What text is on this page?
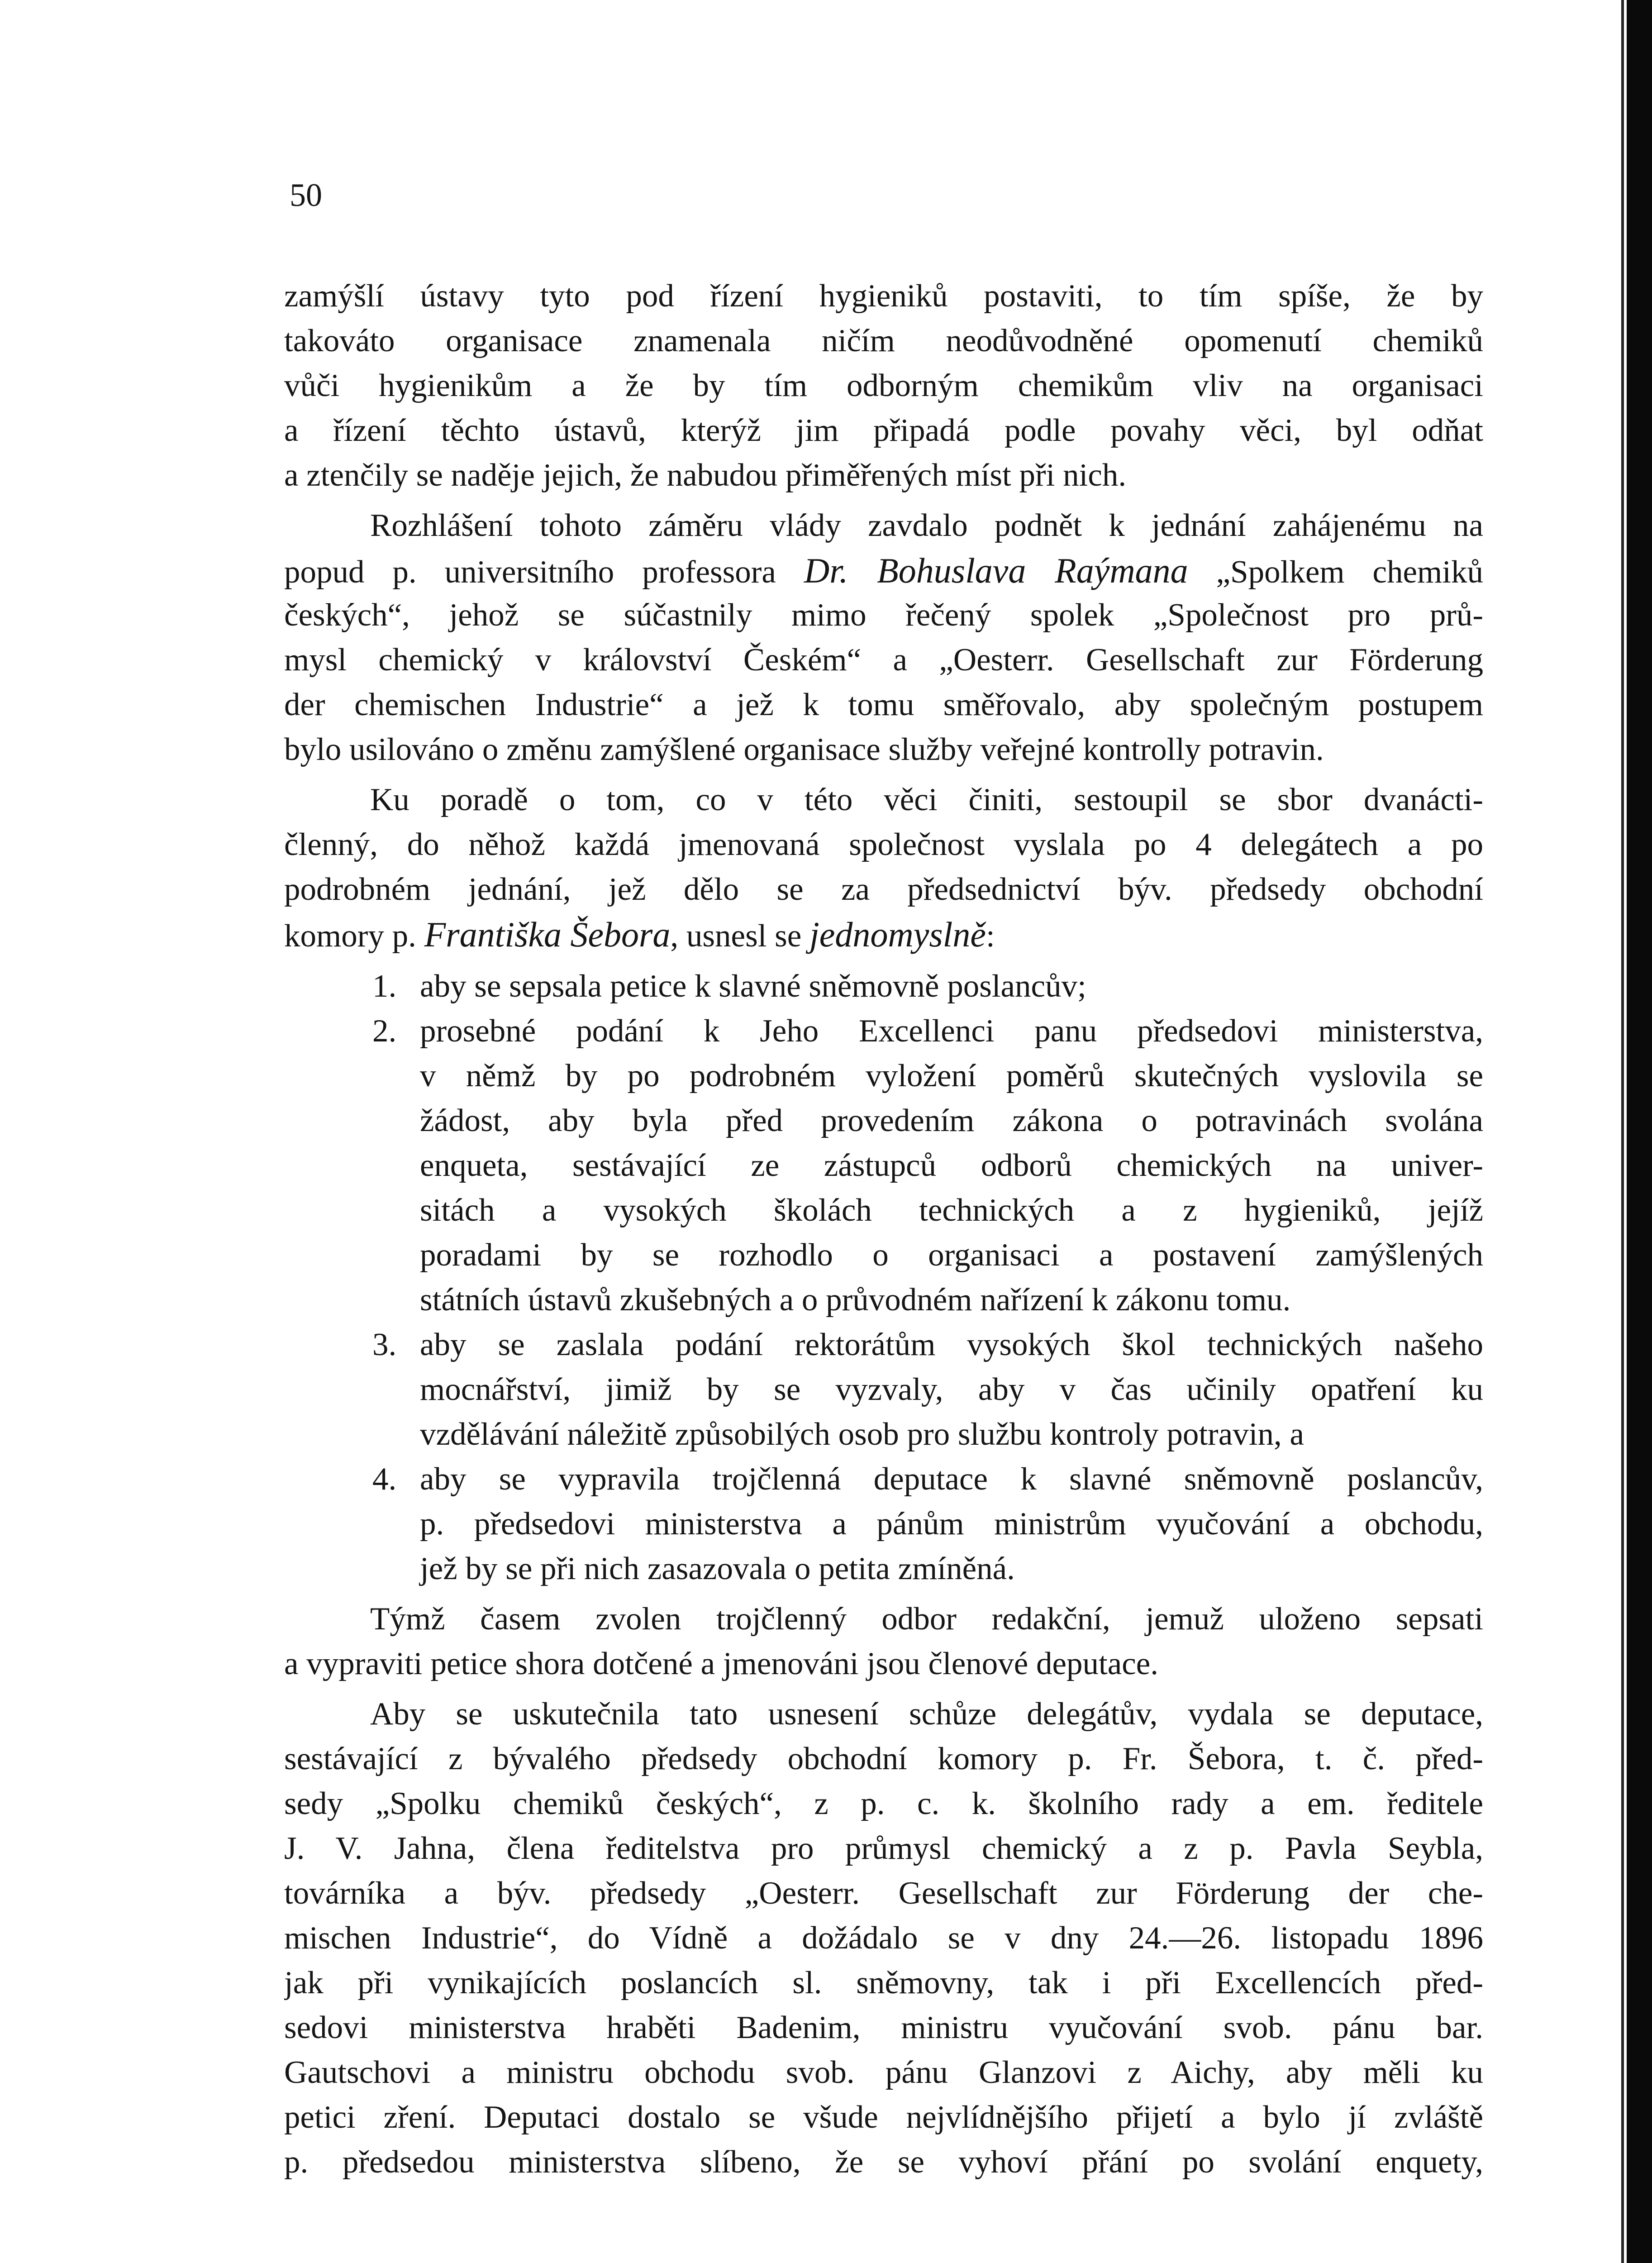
50
zamýšlí ústavy tyto pod řízení hygieniků postaviti, to tím spíše, že by
takováto organisace znamenala ničím neodůvodněné opomenutí chemiků
vůči hygienikům a že by tím odborným chemikům vliv na organisaci
a řízení těchto ústavů, kterýž jim připadá podle povahy věci, byl odňat
a ztenčily se naděje jejich, že nabudou přiměřených míst při nich.
Rozhlášení tohoto záměru vlády zavdalo podnět k jednání zahájenému na
popud p. universitního professora Dr. Bohuslava Raýmana „Spolkem chemiků
českých“, jehož se súčastnily mimo řečený spolek „Společnost pro prů-
mysl chemický v království Českém“ a „Oesterr. Gesellschaft zur Förderung
der chemischen Industrie“ a jež k tomu směřovalo, aby společným postupem
bylo usilováno o změnu zamýšlené organisace služby veřejné kontrolly potravin.
Ku poradě o tom, co v této věci činiti, sestoupil se sbor dvanácti-
členný, do něhož každá jmenovaná společnost vyslala po 4 delegátech a po
podrobném jednání, jež dělo se za předsednictví býv. předsedy obchodní
komory p. Františka Šebora, usnesl se jednomyslně:
1. aby se sepsala petice k slavné sněmovně poslancův;
2. prosebné podání k Jeho Excellenci panu předsedovi ministerstva,
v němž by po podrobném vyložení poměrů skutečných vyslovila se
žádost, aby byla před provedením zákona o potravinách svolána
enqueta, sestávající ze zástupců odborů chemických na univer-
sitách a vysokých školách technických a z hygieniků, jejíž
poradami by se rozhodlo o organisaci a postavení zamýšlených
státních ústavů zkušebných a o průvodném nařízení k zákonu tomu.
3. aby se zaslala podání rektorátům vysokých škol technických našeho
mocnářství, jimiž by se vyzvaly, aby v čas učinily opatření ku
vzdělávání náležitě způsobilých osob pro službu kontroly potravin, a
4. aby se vypravila trojčlenná deputace k slavné sněmovně poslancův,
p. předsedovi ministerstva a pánům ministrům vyučování a obchodu,
jež by se při nich zasazovala o petita zmíněná.
Týmž časem zvolen trojčlenný odbor redakční, jemuž uloženo sepsati
a vypraviti petice shora dotčené a jmenováni jsou členové deputace.
Aby se uskutečnila tato usnesení schůze delegátův, vydala se deputace,
sestávající z bývalého předsedy obchodní komory p. Fr. Šebora, t. č. před-
sedy „Spolku chemiků českých“, z p. c. k. školního rady a em. ředitele
J. V. Jahna, člena ředitelstva pro průmysl chemický a z p. Pavla Seybla,
továrníka a býv. předsedy „Oesterr. Gesellschaft zur Förderung der che-
mischen Industrie“, do Vídně a dožádalo se v dny 24.—26. listopadu 1896
jak při vynikajících poslancích sl. sněmovny, tak i při Excellencích před-
sedovi ministerstva hraběti Badenim, ministru vyučování svob. pánu bar.
Gautschovi a ministru obchodu svob. pánu Glanzovi z Aichy, aby měli ku
petici zření. Deputaci dostalo se všude nejvlídnějšího přijetí a bylo jí zvláště
p. předsedou ministerstva slíbeno, že se vyhoví přání po svolání enquety,
